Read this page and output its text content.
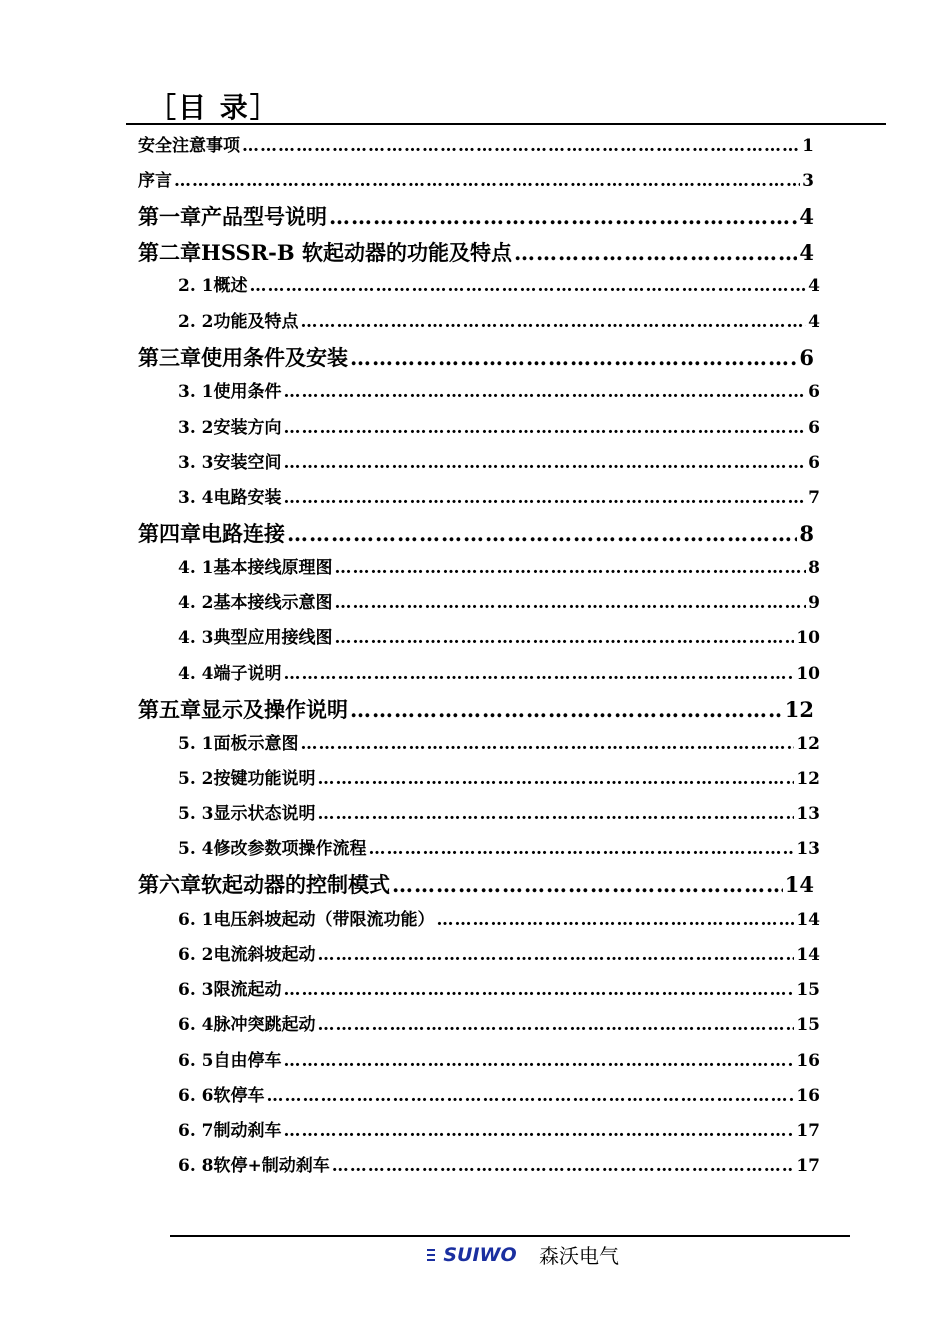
［目 录］
安全注意事项 ……………………………………………………………………………………………………………………………………………………………………………………	1
序言 ……………………………………………………………………………………………………………………………………………………………………………………	3
第一章 产品型号说明 ……………………………………………………………………………………………………………………………………………………………………………………	4
第二章 HSSR-B 软起动器的功能及特点 ……………………………………………………………………………………………………………………………………………………………………………………	4
2. 1 概述 ……………………………………………………………………………………………………………………………………………………………………………………	4
2. 2 功能及特点 ……………………………………………………………………………………………………………………………………………………………………………………	4
第三章 使用条件及安装 ……………………………………………………………………………………………………………………………………………………………………………………	6
3. 1 使用条件 ……………………………………………………………………………………………………………………………………………………………………………………	6
3. 2 安装方向 ……………………………………………………………………………………………………………………………………………………………………………………	6
3. 3 安装空间 ……………………………………………………………………………………………………………………………………………………………………………………	6
3. 4 电路安装 ……………………………………………………………………………………………………………………………………………………………………………………	7
第四章 电路连接 ……………………………………………………………………………………………………………………………………………………………………………………	8
4. 1 基本接线原理图 ……………………………………………………………………………………………………………………………………………………………………………………	8
4. 2 基本接线示意图 ……………………………………………………………………………………………………………………………………………………………………………………	9
4. 3 典型应用接线图 ……………………………………………………………………………………………………………………………………………………………………………………	10
4. 4 端子说明 ……………………………………………………………………………………………………………………………………………………………………………………	10
第五章 显示及操作说明 ……………………………………………………………………………………………………………………………………………………………………………………	12
5. 1 面板示意图 ……………………………………………………………………………………………………………………………………………………………………………………	12
5. 2 按键功能说明 ……………………………………………………………………………………………………………………………………………………………………………………	12
5. 3 显示状态说明 ……………………………………………………………………………………………………………………………………………………………………………………	13
5. 4 修改参数项操作流程 ……………………………………………………………………………………………………………………………………………………………………………………	13
第六章 软起动器的控制模式 ……………………………………………………………………………………………………………………………………………………………………………………	14
6. 1 电压斜坡起动（带限流功能） ……………………………………………………………………………………………………………………………………………………………………………………	14
6. 2 电流斜坡起动 ……………………………………………………………………………………………………………………………………………………………………………………	14
6. 3 限流起动 ……………………………………………………………………………………………………………………………………………………………………………………	15
6. 4 脉冲突跳起动 ……………………………………………………………………………………………………………………………………………………………………………………	15
6. 5 自由停车 ……………………………………………………………………………………………………………………………………………………………………………………	16
6. 6 软停车 ……………………………………………………………………………………………………………………………………………………………………………………	16
6. 7 制动刹车 ……………………………………………………………………………………………………………………………………………………………………………………	17
6. 8 软停+制动刹车 ……………………………………………………………………………………………………………………………………………………………………………………	17
SUIWO 森沃电气
